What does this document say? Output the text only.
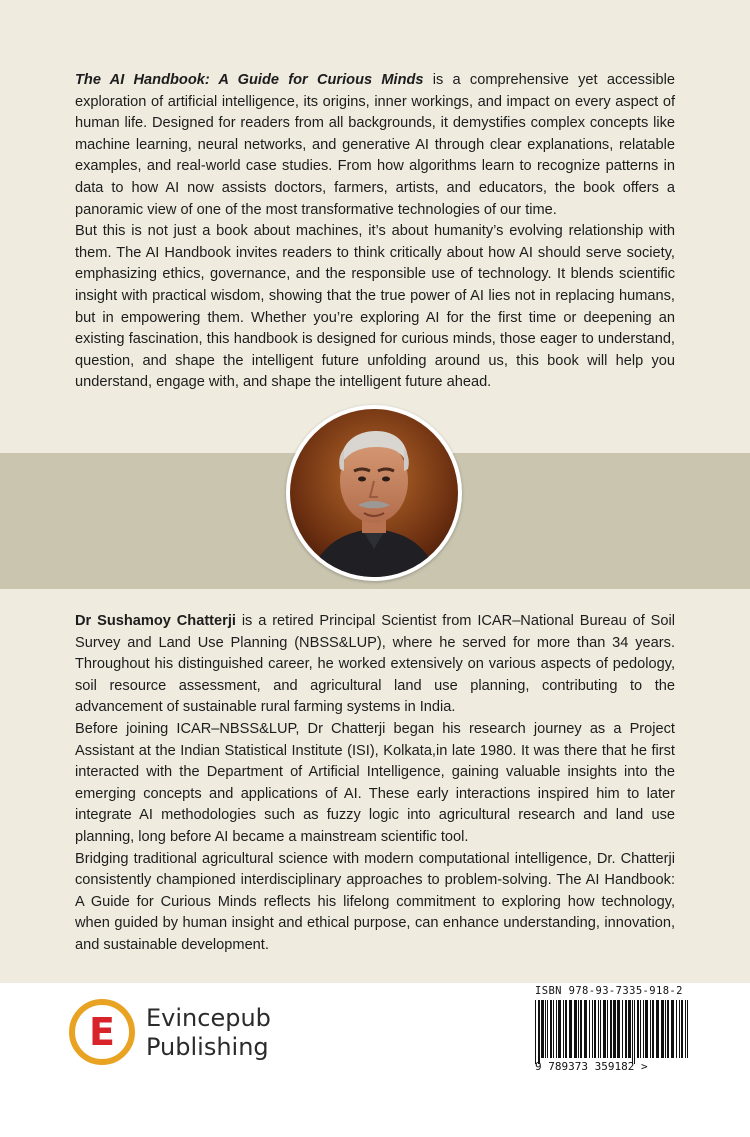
The AI Handbook: A Guide for Curious Minds is a comprehensive yet accessible exploration of artificial intelligence, its origins, inner workings, and impact on every aspect of human life. Designed for readers from all backgrounds, it demystifies complex concepts like machine learning, neural networks, and generative AI through clear explanations, relatable examples, and real-world case studies. From how algorithms learn to recognize patterns in data to how AI now assists doctors, farmers, artists, and educators, the book offers a panoramic view of one of the most transformative technologies of our time.

But this is not just a book about machines, it’s about humanity’s evolving relationship with them. The AI Handbook invites readers to think critically about how AI should serve society, emphasizing ethics, governance, and the responsible use of technology. It blends scientific insight with practical wisdom, showing that the true power of AI lies not in replacing humans, but in empowering them. Whether you’re exploring AI for the first time or deepening an existing fascination, this handbook is designed for curious minds, those eager to understand, question, and shape the intelligent future unfolding around us, this book will help you understand, engage with, and shape the intelligent future ahead.

Dr Sushamoy Chatterji is a retired Principal Scientist from ICAR–National Bureau of Soil Survey and Land Use Planning (NBSS&LUP), where he served for more than 34 years. Throughout his distinguished career, he worked extensively on various aspects of pedology, soil resource assessment, and agricultural land use planning, contributing to the advancement of sustainable rural farming systems in India.

Before joining ICAR–NBSS&LUP, Dr Chatterji began his research journey as a Project Assistant at the Indian Statistical Institute (ISI), Kolkata,in late 1980. It was there that he first interacted with the Department of Artificial Intelligence, gaining valuable insights into the emerging concepts and applications of AI. These early interactions inspired him to later integrate AI methodologies such as fuzzy logic into agricultural research and land use planning, long before AI became a mainstream scientific tool.

Bridging traditional agricultural science with modern computational intelligence, Dr. Chatterji consistently championed interdisciplinary approaches to problem-solving. The AI Handbook: A Guide for Curious Minds reflects his lifelong commitment to exploring how technology, when guided by human insight and ethical purpose, can enhance understanding, innovation, and sustainable development.

E Evincepub
Publishing
ISBN 978-93-7335-918-2
9 789373 359182 >
